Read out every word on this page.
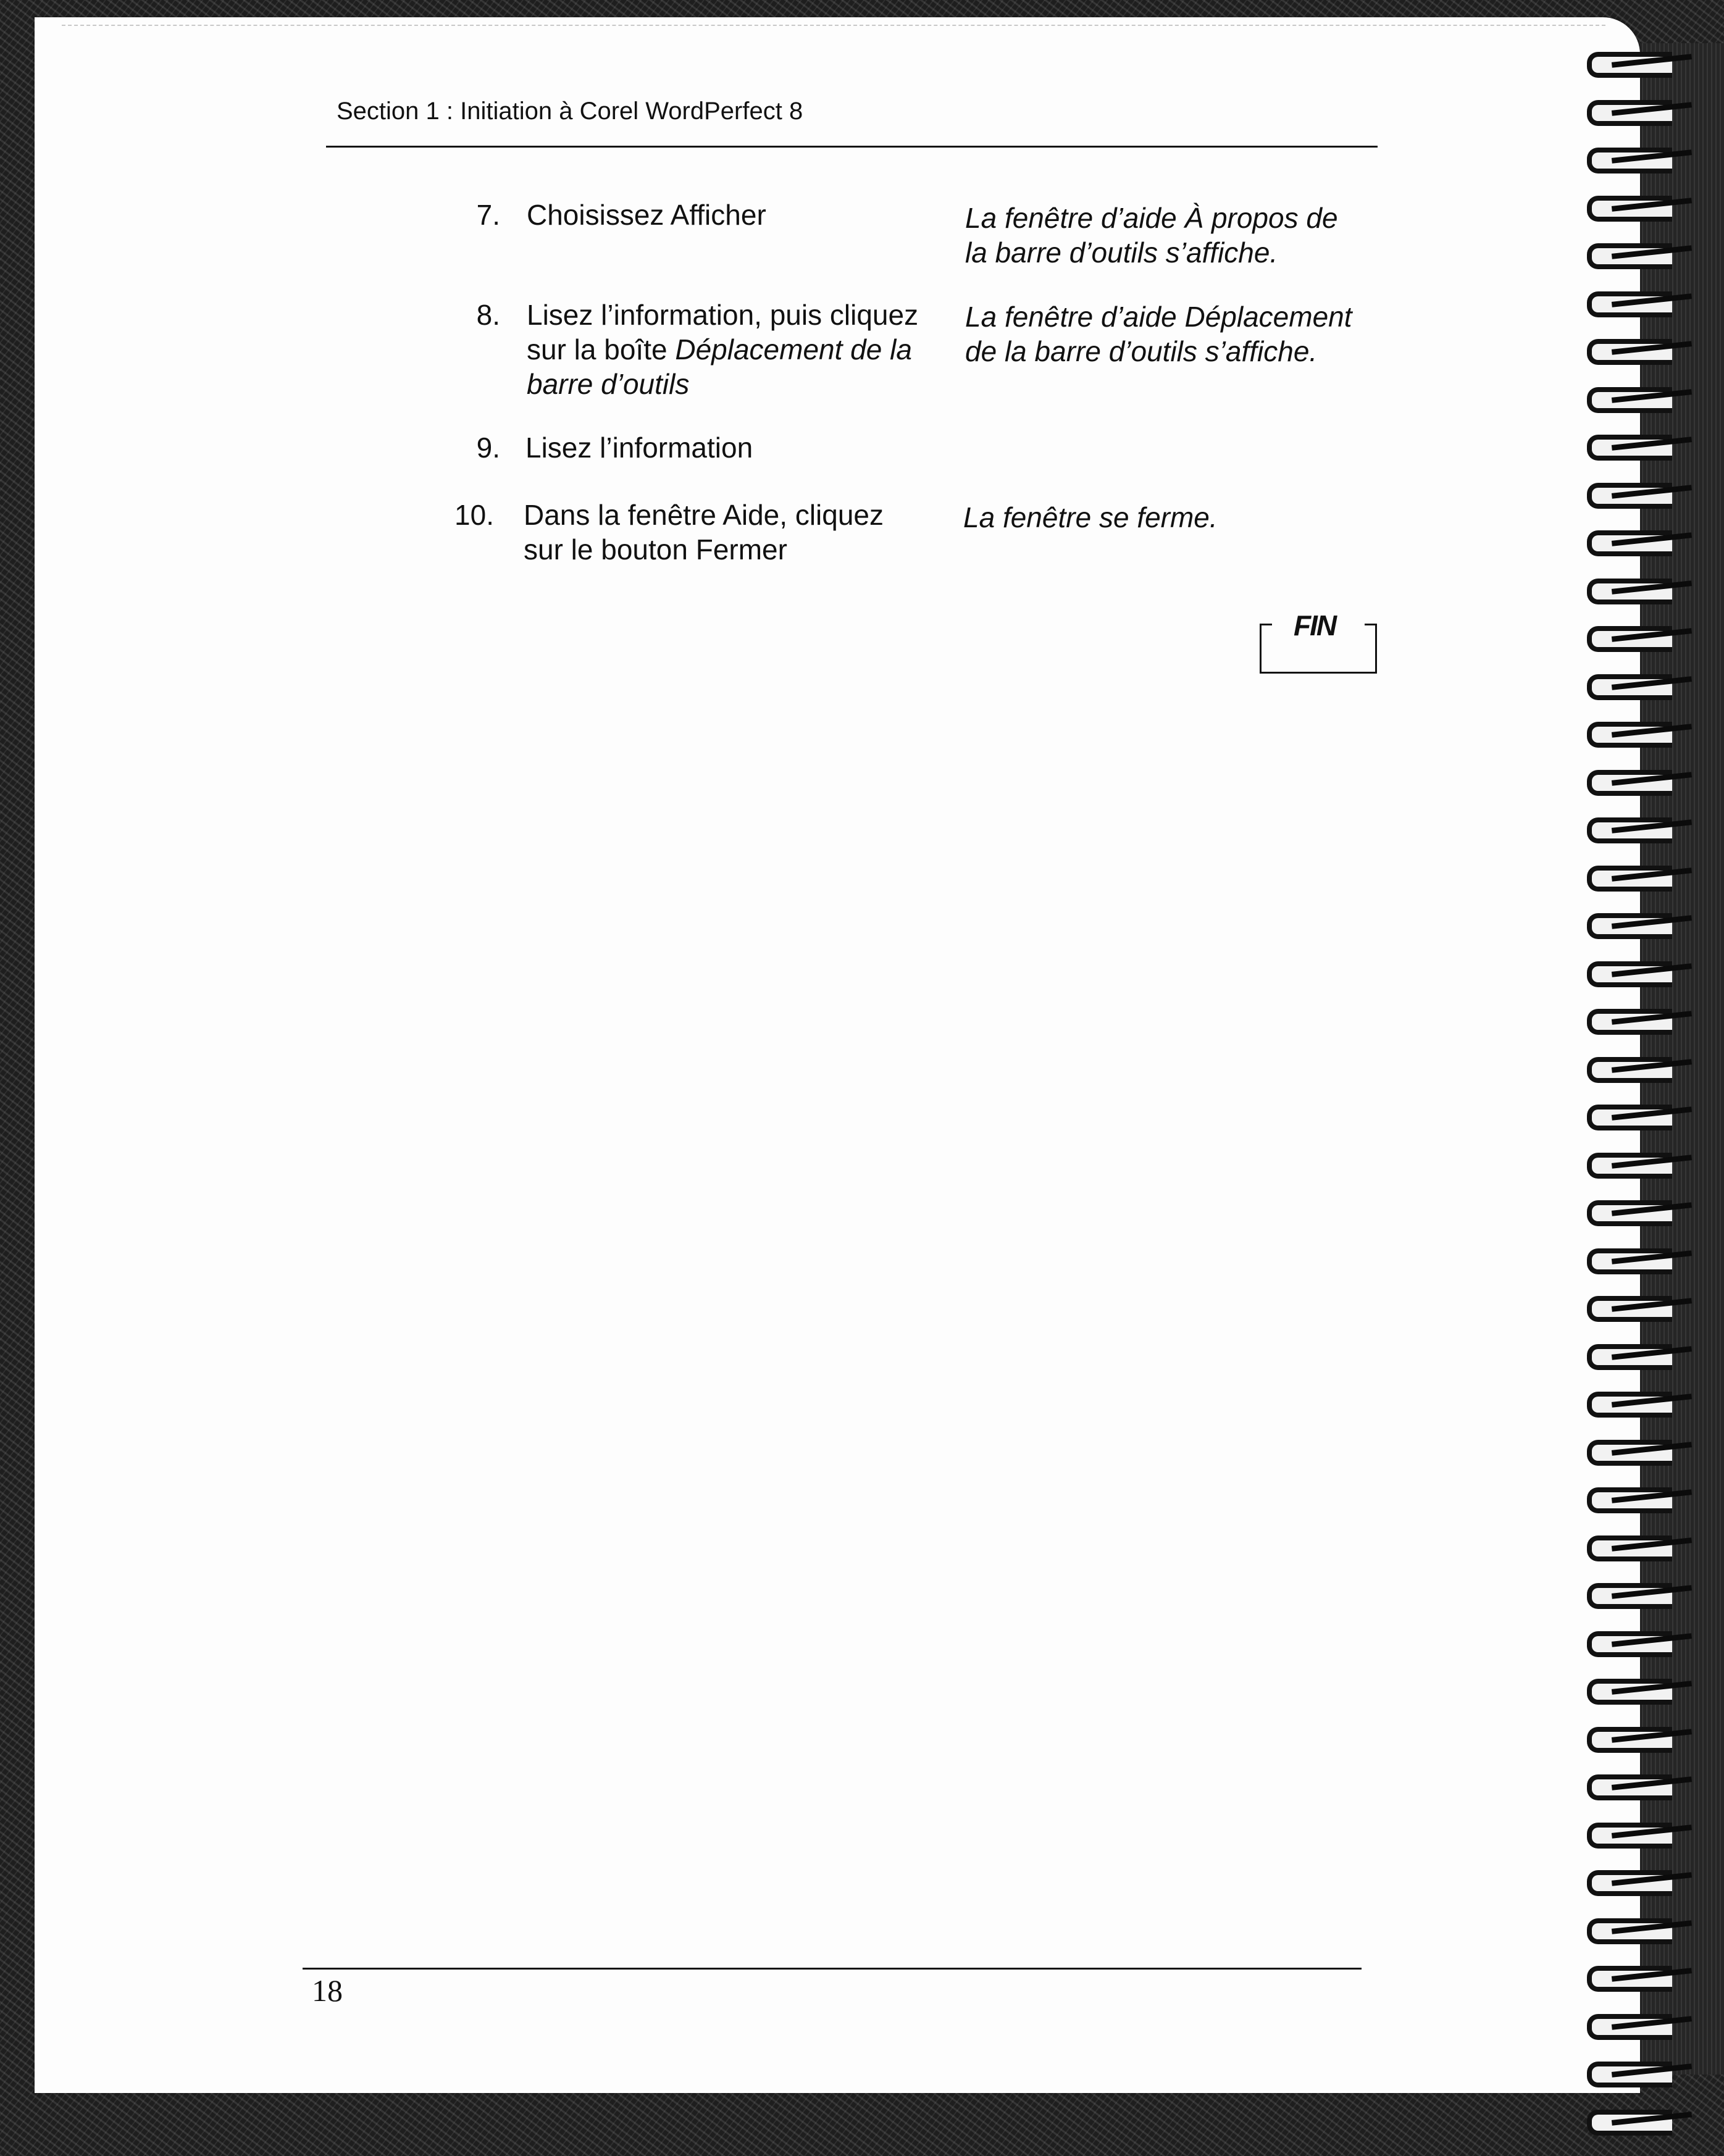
Section 1 : Initiation à Corel WordPerfect 8
7. Choisissez Afficher	La fenêtre d’aide À propos de
la barre d’outils s’affiche.
8. Lisez l’information, puis cliquez
sur la boîte Déplacement de la
barre d’outils
La fenêtre d’aide Déplacement
de la barre d’outils s’affiche.
9. Lisez l’information
10. Dans la fenêtre Aide, cliquez
sur le bouton Fermer
La fenêtre se ferme.
FIN
18
